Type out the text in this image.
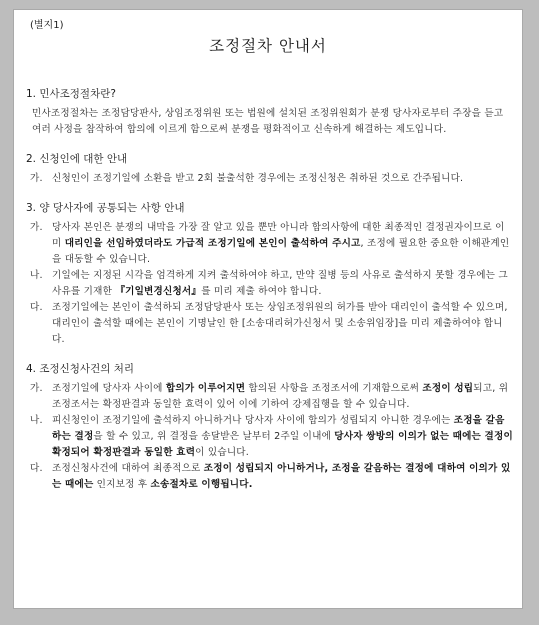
(별지1)
조정절차 안내서
1. 민사조정절차란?
민사조정절차는 조정담당판사, 상임조정위원 또는 법원에 설치된 조정위원회가 분쟁 당사자로부터 주장을 듣고 여러 사정을 참작하여 합의에 이르게 함으로써 분쟁을 평화적이고 신속하게 해결하는 제도입니다.
2. 신청인에 대한 안내
가. 신청인이 조정기일에 소환을 받고 2회 불출석한 경우에는 조정신청은 취하된 것으로 간주됩니다.
3. 양 당사자에 공통되는 사항 안내
가. 당사자 본인은 분쟁의 내막을 가장 잘 알고 있을 뿐만 아니라 합의사항에 대한 최종적인 결정권자이므로 이미 대리인을 선임하였더라도 가급적 조정기일에 본인이 출석하여 주시고, 조정에 필요한 중요한 이해관계인을 대동할 수 있습니다.
나. 기일에는 지정된 시각을 엄격하게 지켜 출석하여야 하고, 만약 질병 등의 사유로 출석하지 못할 경우에는 그 사유를 기재한 『기일변경신청서』를 미리 제출 하여야 합니다.
다. 조정기일에는 본인이 출석하되 조정담당판사 또는 상임조정위원의 허가를 받아 대리인이 출석할 수 있으며, 대리인이 출석할 때에는 본인이 기명날인 한 [소송대리허가신청서 및 소송위임장]을 미리 제출하여야 합니다.
4. 조정신청사건의 처리
가. 조정기일에 당사자 사이에 합의가 이루어지면 합의된 사항을 조정조서에 기재함으로써 조정이 성립되고, 위 조정조서는 확정판결과 동일한 효력이 있어 이에 기하여 강제집행을 할 수 있습니다.
나. 피신청인이 조정기일에 출석하지 아니하거나 당사자 사이에 합의가 성립되지 아니한 경우에는 조정을 갈음하는 결정을 할 수 있고, 위 결정을 송달받은 날부터 2주일 이내에 당사자 쌍방의 이의가 없는 때에는 결정이 확정되어 확정판결과 동일한 효력이 있습니다.
다. 조정신청사건에 대하여 최종적으로 조정이 성립되지 아니하거나, 조정을 갈음하는 결정에 대하여 이의가 있는 때에는 인지보정 후 소송절차로 이행됩니다.
